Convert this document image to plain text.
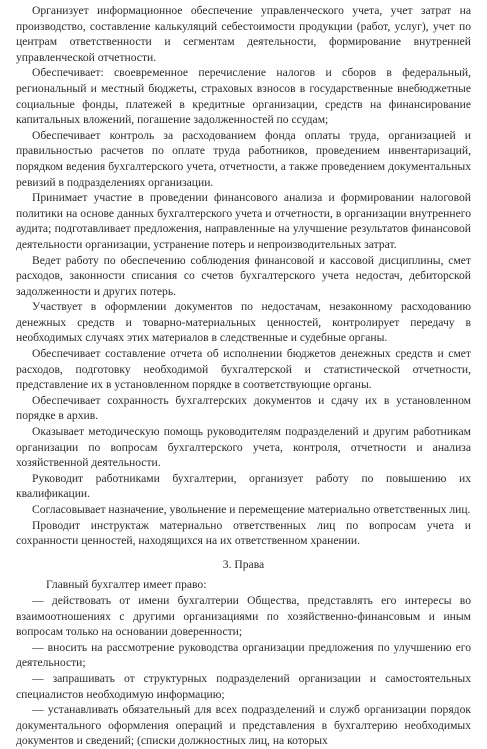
Организует информационное обеспечение управленческого учета, учет затрат на производство, составление калькуляций себестоимости продукции (работ, услуг), учет по центрам ответственности и сегментам деятельности, формирование внутренней управленческой отчетности.

Обеспечивает: своевременное перечисление налогов и сборов в федеральный, региональный и местный бюджеты, страховых взносов в государственные внебюджетные социальные фонды, платежей в кредитные организации, средств на финансирование капитальных вложений, погашение задолженностей по ссудам;

Обеспечивает контроль за расходованием фонда оплаты труда, организацией и правильностью расчетов по оплате труда работников, проведением инвентаризаций, порядком ведения бухгалтерского учета, отчетности, а также проведением документальных ревизий в подразделениях организации.

Принимает участие в проведении финансового анализа и формировании налоговой политики на основе данных бухгалтерского учета и отчетности, в организации внутреннего аудита; подготавливает предложения, направленные на улучшение результатов финансовой деятельности организации, устранение потерь и непроизводительных затрат.

Ведет работу по обеспечению соблюдения финансовой и кассовой дисциплины, смет расходов, законности списания со счетов бухгалтерского учета недостач, дебиторской задолженности и других потерь.

Участвует в оформлении документов по недостачам, незаконному расходованию денежных средств и товарно-материальных ценностей, контролирует передачу в необходимых случаях этих материалов в следственные и судебные органы.

Обеспечивает составление отчета об исполнении бюджетов денежных средств и смет расходов, подготовку необходимой бухгалтерской и статистической отчетности, представление их в установленном порядке в соответствующие органы.

Обеспечивает сохранность бухгалтерских документов и сдачу их в установленном порядке в архив.

Оказывает методическую помощь руководителям подразделений и другим работникам организации по вопросам бухгалтерского учета, контроля, отчетности и анализа хозяйственной деятельности.

Руководит работниками бухгалтерии, организует работу по повышению их квалификации.

Согласовывает назначение, увольнение и перемещение материально ответственных лиц.

Проводит инструктаж материально ответственных лиц по вопросам учета и сохранности ценностей, находящихся на их ответственном хранении.

3. Права

Главный бухгалтер имеет право:

— действовать от имени бухгалтерии Общества, представлять его интересы во взаимоотношениях с другими организациями по хозяйственно-финансовым и иным вопросам только на основании доверенности;

— вносить на рассмотрение руководства организации предложения по улучшению его деятельности;

— запрашивать от структурных подразделений организации и самостоятельных специалистов необходимую информацию;

— устанавливать обязательный для всех подразделений и служб организации порядок документального оформления операций и представления в бухгалтерию необходимых документов и сведений; (списки должностных лиц, на которых
